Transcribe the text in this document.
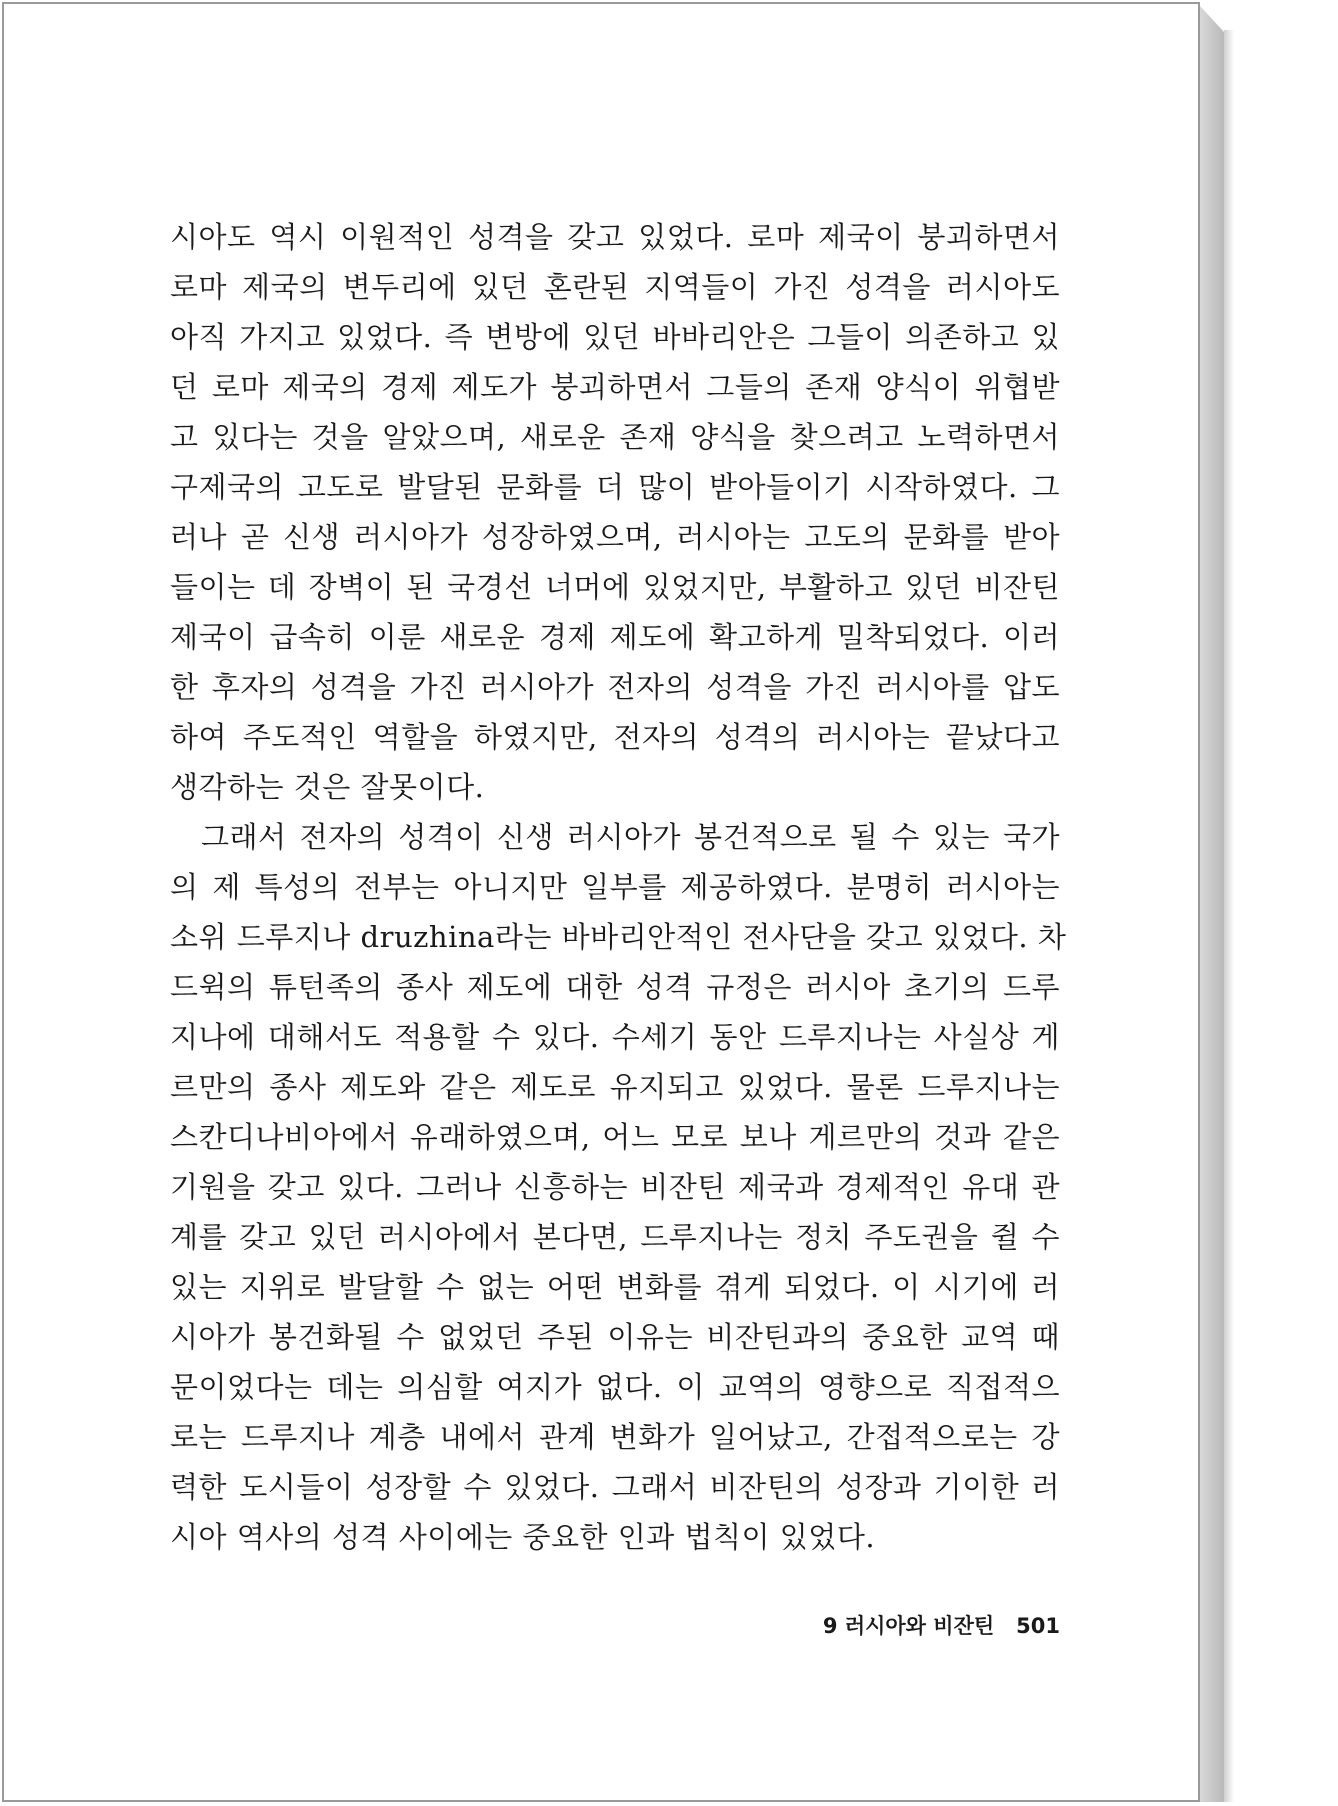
시아도 역시 이원적인 성격을 갖고 있었다. 로마 제국이 붕괴하면서
로마 제국의 변두리에 있던 혼란된 지역들이 가진 성격을 러시아도
아직 가지고 있었다. 즉 변방에 있던 바바리안은 그들이 의존하고 있
던 로마 제국의 경제 제도가 붕괴하면서 그들의 존재 양식이 위협받
고 있다는 것을 알았으며, 새로운 존재 양식을 찾으려고 노력하면서
구제국의 고도로 발달된 문화를 더 많이 받아들이기 시작하였다. 그
러나 곧 신생 러시아가 성장하였으며, 러시아는 고도의 문화를 받아
들이는 데 장벽이 된 국경선 너머에 있었지만, 부활하고 있던 비잔틴
제국이 급속히 이룬 새로운 경제 제도에 확고하게 밀착되었다. 이러
한 후자의 성격을 가진 러시아가 전자의 성격을 가진 러시아를 압도
하여 주도적인 역할을 하였지만, 전자의 성격의 러시아는 끝났다고
생각하는 것은 잘못이다.
그래서 전자의 성격이 신생 러시아가 봉건적으로 될 수 있는 국가
의 제 특성의 전부는 아니지만 일부를 제공하였다. 분명히 러시아는
소위 드루지나 druzhina라는 바바리안적인 전사단을 갖고 있었다. 차
드윅의 튜턴족의 종사 제도에 대한 성격 규정은 러시아 초기의 드루
지나에 대해서도 적용할 수 있다. 수세기 동안 드루지나는 사실상 게
르만의 종사 제도와 같은 제도로 유지되고 있었다. 물론 드루지나는
스칸디나비아에서 유래하였으며, 어느 모로 보나 게르만의 것과 같은
기원을 갖고 있다. 그러나 신흥하는 비잔틴 제국과 경제적인 유대 관
계를 갖고 있던 러시아에서 본다면, 드루지나는 정치 주도권을 쥘 수
있는 지위로 발달할 수 없는 어떤 변화를 겪게 되었다. 이 시기에 러
시아가 봉건화될 수 없었던 주된 이유는 비잔틴과의 중요한 교역 때
문이었다는 데는 의심할 여지가 없다. 이 교역의 영향으로 직접적으
로는 드루지나 계층 내에서 관계 변화가 일어났고, 간접적으로는 강
력한 도시들이 성장할 수 있었다. 그래서 비잔틴의 성장과 기이한 러
시아 역사의 성격 사이에는 중요한 인과 법칙이 있었다.
9 러시아와 비잔틴 501
